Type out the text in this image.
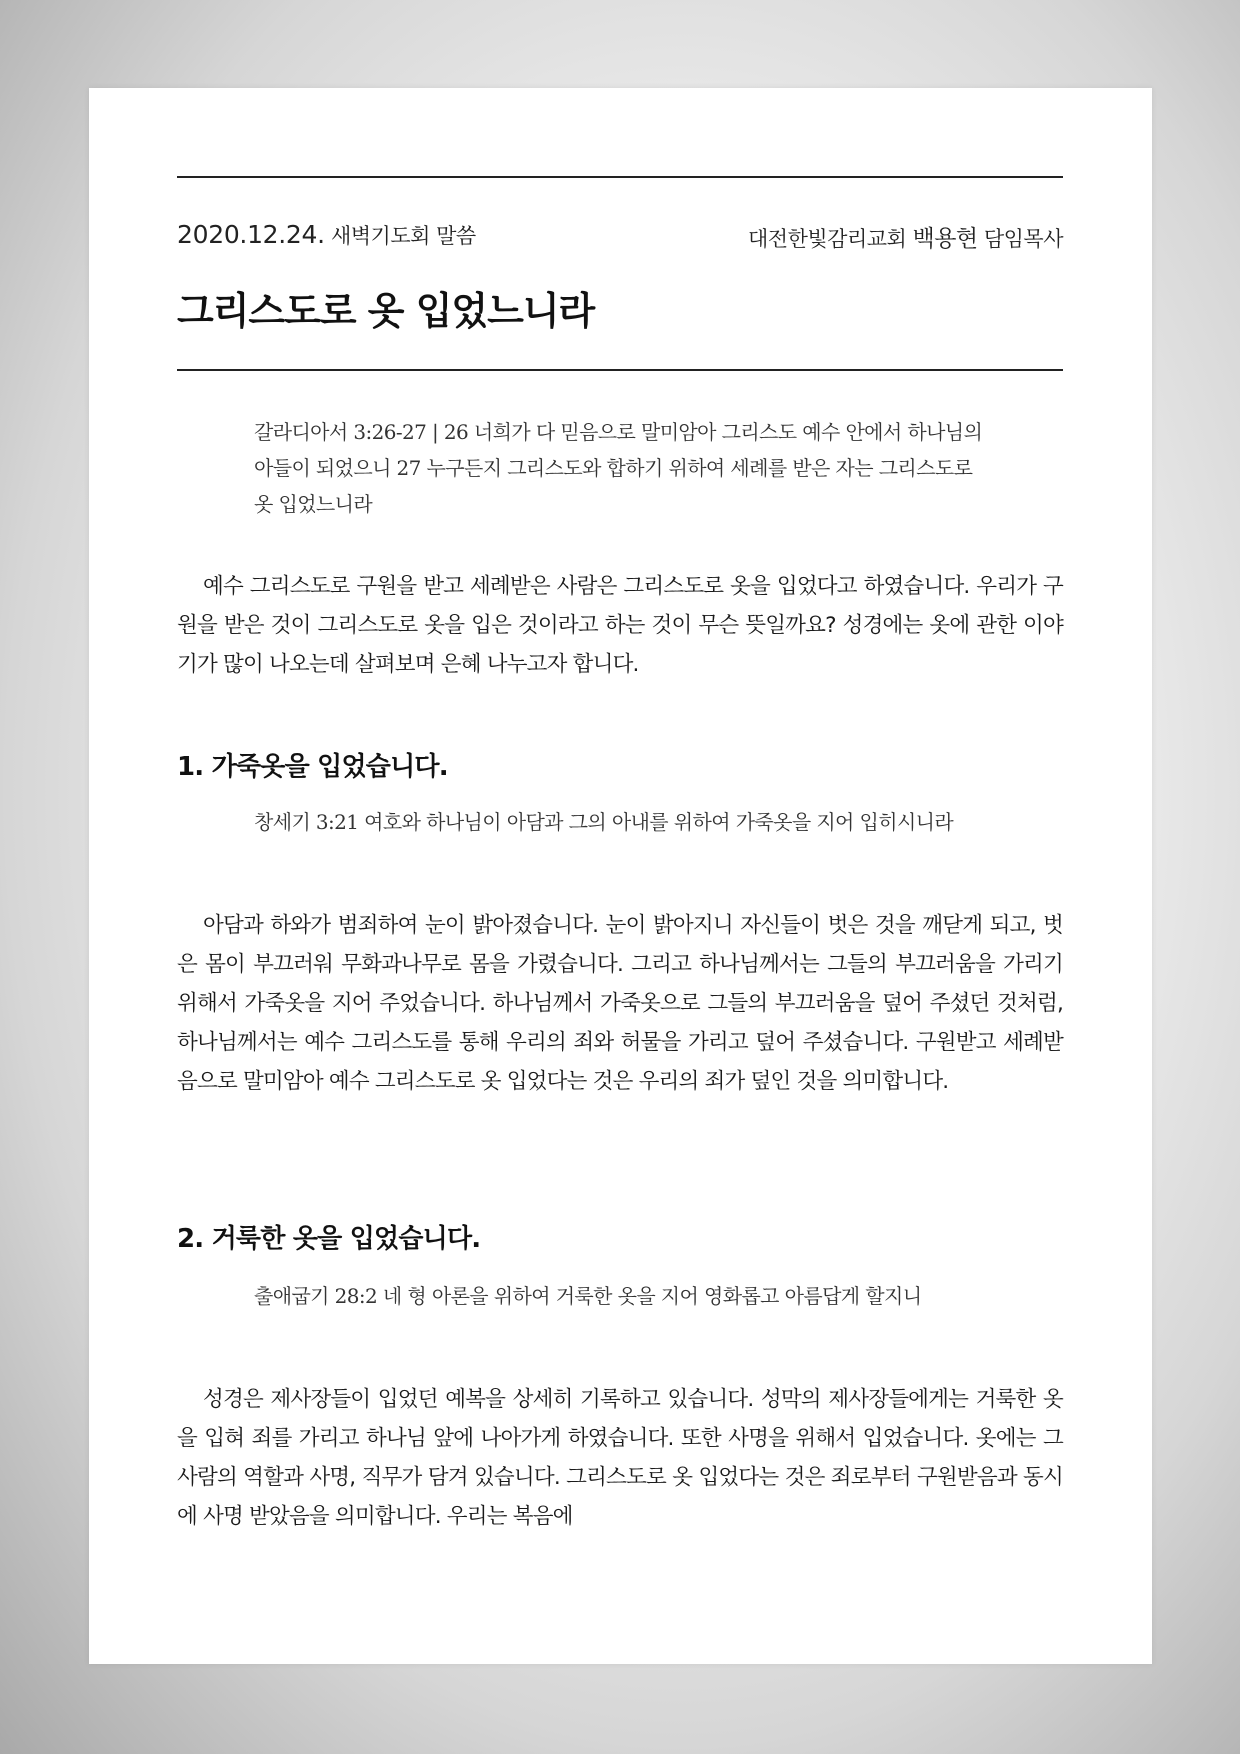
2020.12.24. 새벽기도회 말씀	대전한빛감리교회 백용현 담임목사
그리스도로 옷 입었느니라

갈라디아서 3:26-27 | 26 너희가 다 믿음으로 말미암아 그리스도 예수 안에서 하나님의 아들이 되었으니 27 누구든지 그리스도와 합하기 위하여 세례를 받은 자는 그리스도로 옷 입었느니라

예수 그리스도로 구원을 받고 세례받은 사람은 그리스도로 옷을 입었다고 하였습니다. 우리가 구원을 받은 것이 그리스도로 옷을 입은 것이라고 하는 것이 무슨 뜻일까요? 성경에는 옷에 관한 이야기가 많이 나오는데 살펴보며 은혜 나누고자 합니다.

1. 가죽옷을 입었습니다.

창세기 3:21 여호와 하나님이 아담과 그의 아내를 위하여 가죽옷을 지어 입히시니라

아담과 하와가 범죄하여 눈이 밝아졌습니다. 눈이 밝아지니 자신들이 벗은 것을 깨닫게 되고, 벗은 몸이 부끄러워 무화과나무로 몸을 가렸습니다. 그리고 하나님께서는 그들의 부끄러움을 가리기 위해서 가죽옷을 지어 주었습니다. 하나님께서 가죽옷으로 그들의 부끄러움을 덮어 주셨던 것처럼, 하나님께서는 예수 그리스도를 통해 우리의 죄와 허물을 가리고 덮어 주셨습니다. 구원받고 세례받음으로 말미암아 예수 그리스도로 옷 입었다는 것은 우리의 죄가 덮인 것을 의미합니다.

2. 거룩한 옷을 입었습니다.

출애굽기 28:2 네 형 아론을 위하여 거룩한 옷을 지어 영화롭고 아름답게 할지니

성경은 제사장들이 입었던 예복을 상세히 기록하고 있습니다. 성막의 제사장들에게는 거룩한 옷을 입혀 죄를 가리고 하나님 앞에 나아가게 하였습니다. 또한 사명을 위해서 입었습니다. 옷에는 그 사람의 역할과 사명, 직무가 담겨 있습니다. 그리스도로 옷 입었다는 것은 죄로부터 구원받음과 동시에 사명 받았음을 의미합니다. 우리는 복음에
